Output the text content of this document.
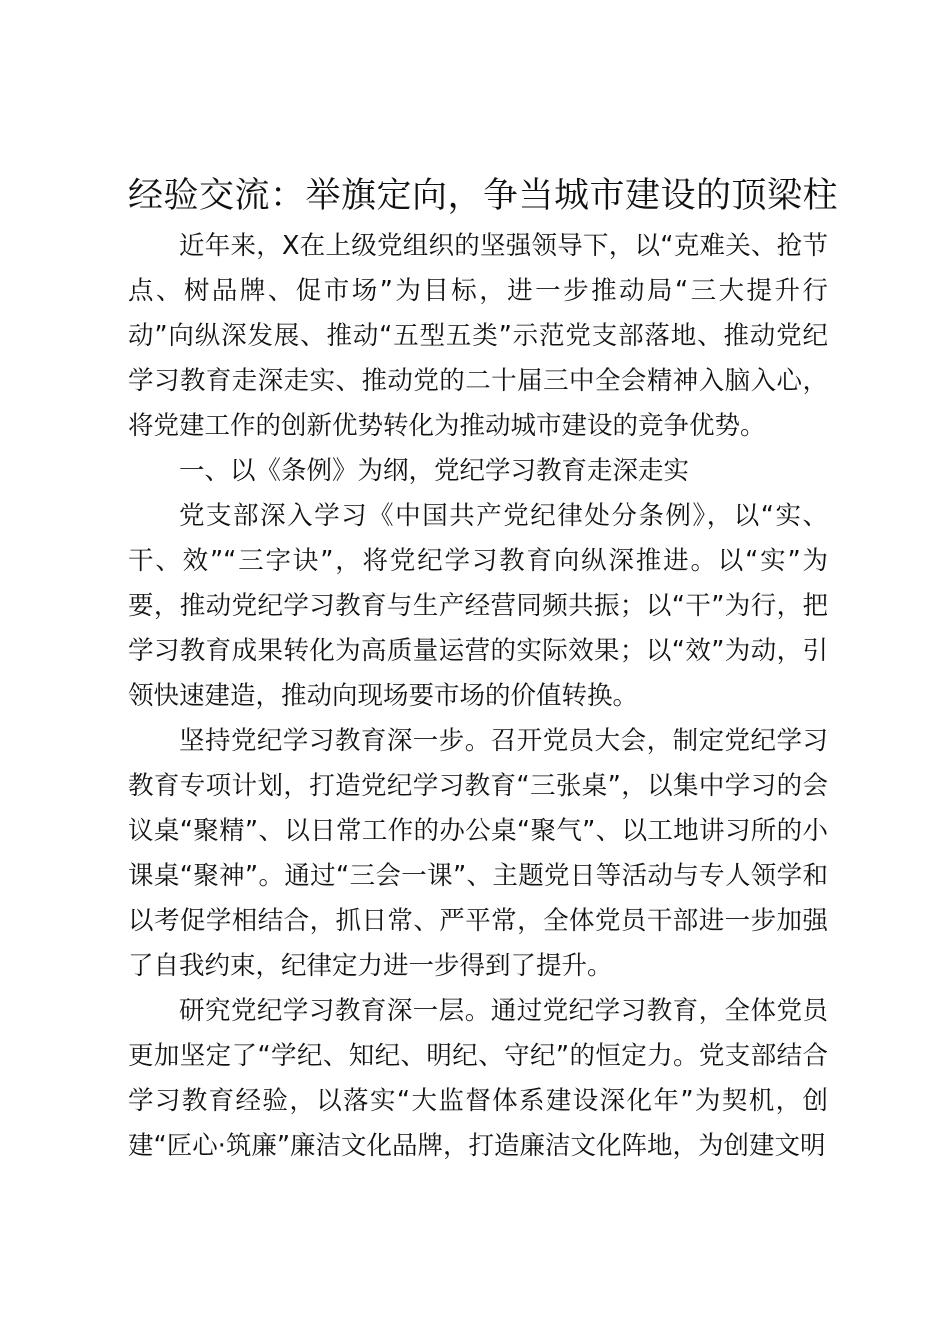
经验交流：举旗定向，争当城市建设的顶梁柱

近年来，X在上级党组织的坚强领导下，以“克难关、抢节点、树品牌、促市场”为目标，进一步推动局“三大提升行动”向纵深发展、推动“五型五类”示范党支部落地、推动党纪学习教育走深走实、推动党的二十届三中全会精神入脑入心，将党建工作的创新优势转化为推动城市建设的竞争优势。

一、以《条例》为纲，党纪学习教育走深走实

党支部深入学习《中国共产党纪律处分条例》，以“实、干、效”“三字诀”，将党纪学习教育向纵深推进。以“实”为要，推动党纪学习教育与生产经营同频共振；以“干”为行，把学习教育成果转化为高质量运营的实际效果；以“效”为动，引领快速建造，推动向现场要市场的价值转换。

坚持党纪学习教育深一步。召开党员大会，制定党纪学习教育专项计划，打造党纪学习教育“三张桌”，以集中学习的会议桌“聚精”、以日常工作的办公桌“聚气”、以工地讲习所的小课桌“聚神”。通过“三会一课”、主题党日等活动与专人领学和以考促学相结合，抓日常、严平常，全体党员干部进一步加强了自我约束，纪律定力进一步得到了提升。

研究党纪学习教育深一层。通过党纪学习教育，全体党员更加坚定了“学纪、知纪、明纪、守纪”的恒定力。党支部结合学习教育经验，以落实“大监督体系建设深化年”为契机，创建“匠心·筑廉”廉洁文化品牌，打造廉洁文化阵地，为创建文明
